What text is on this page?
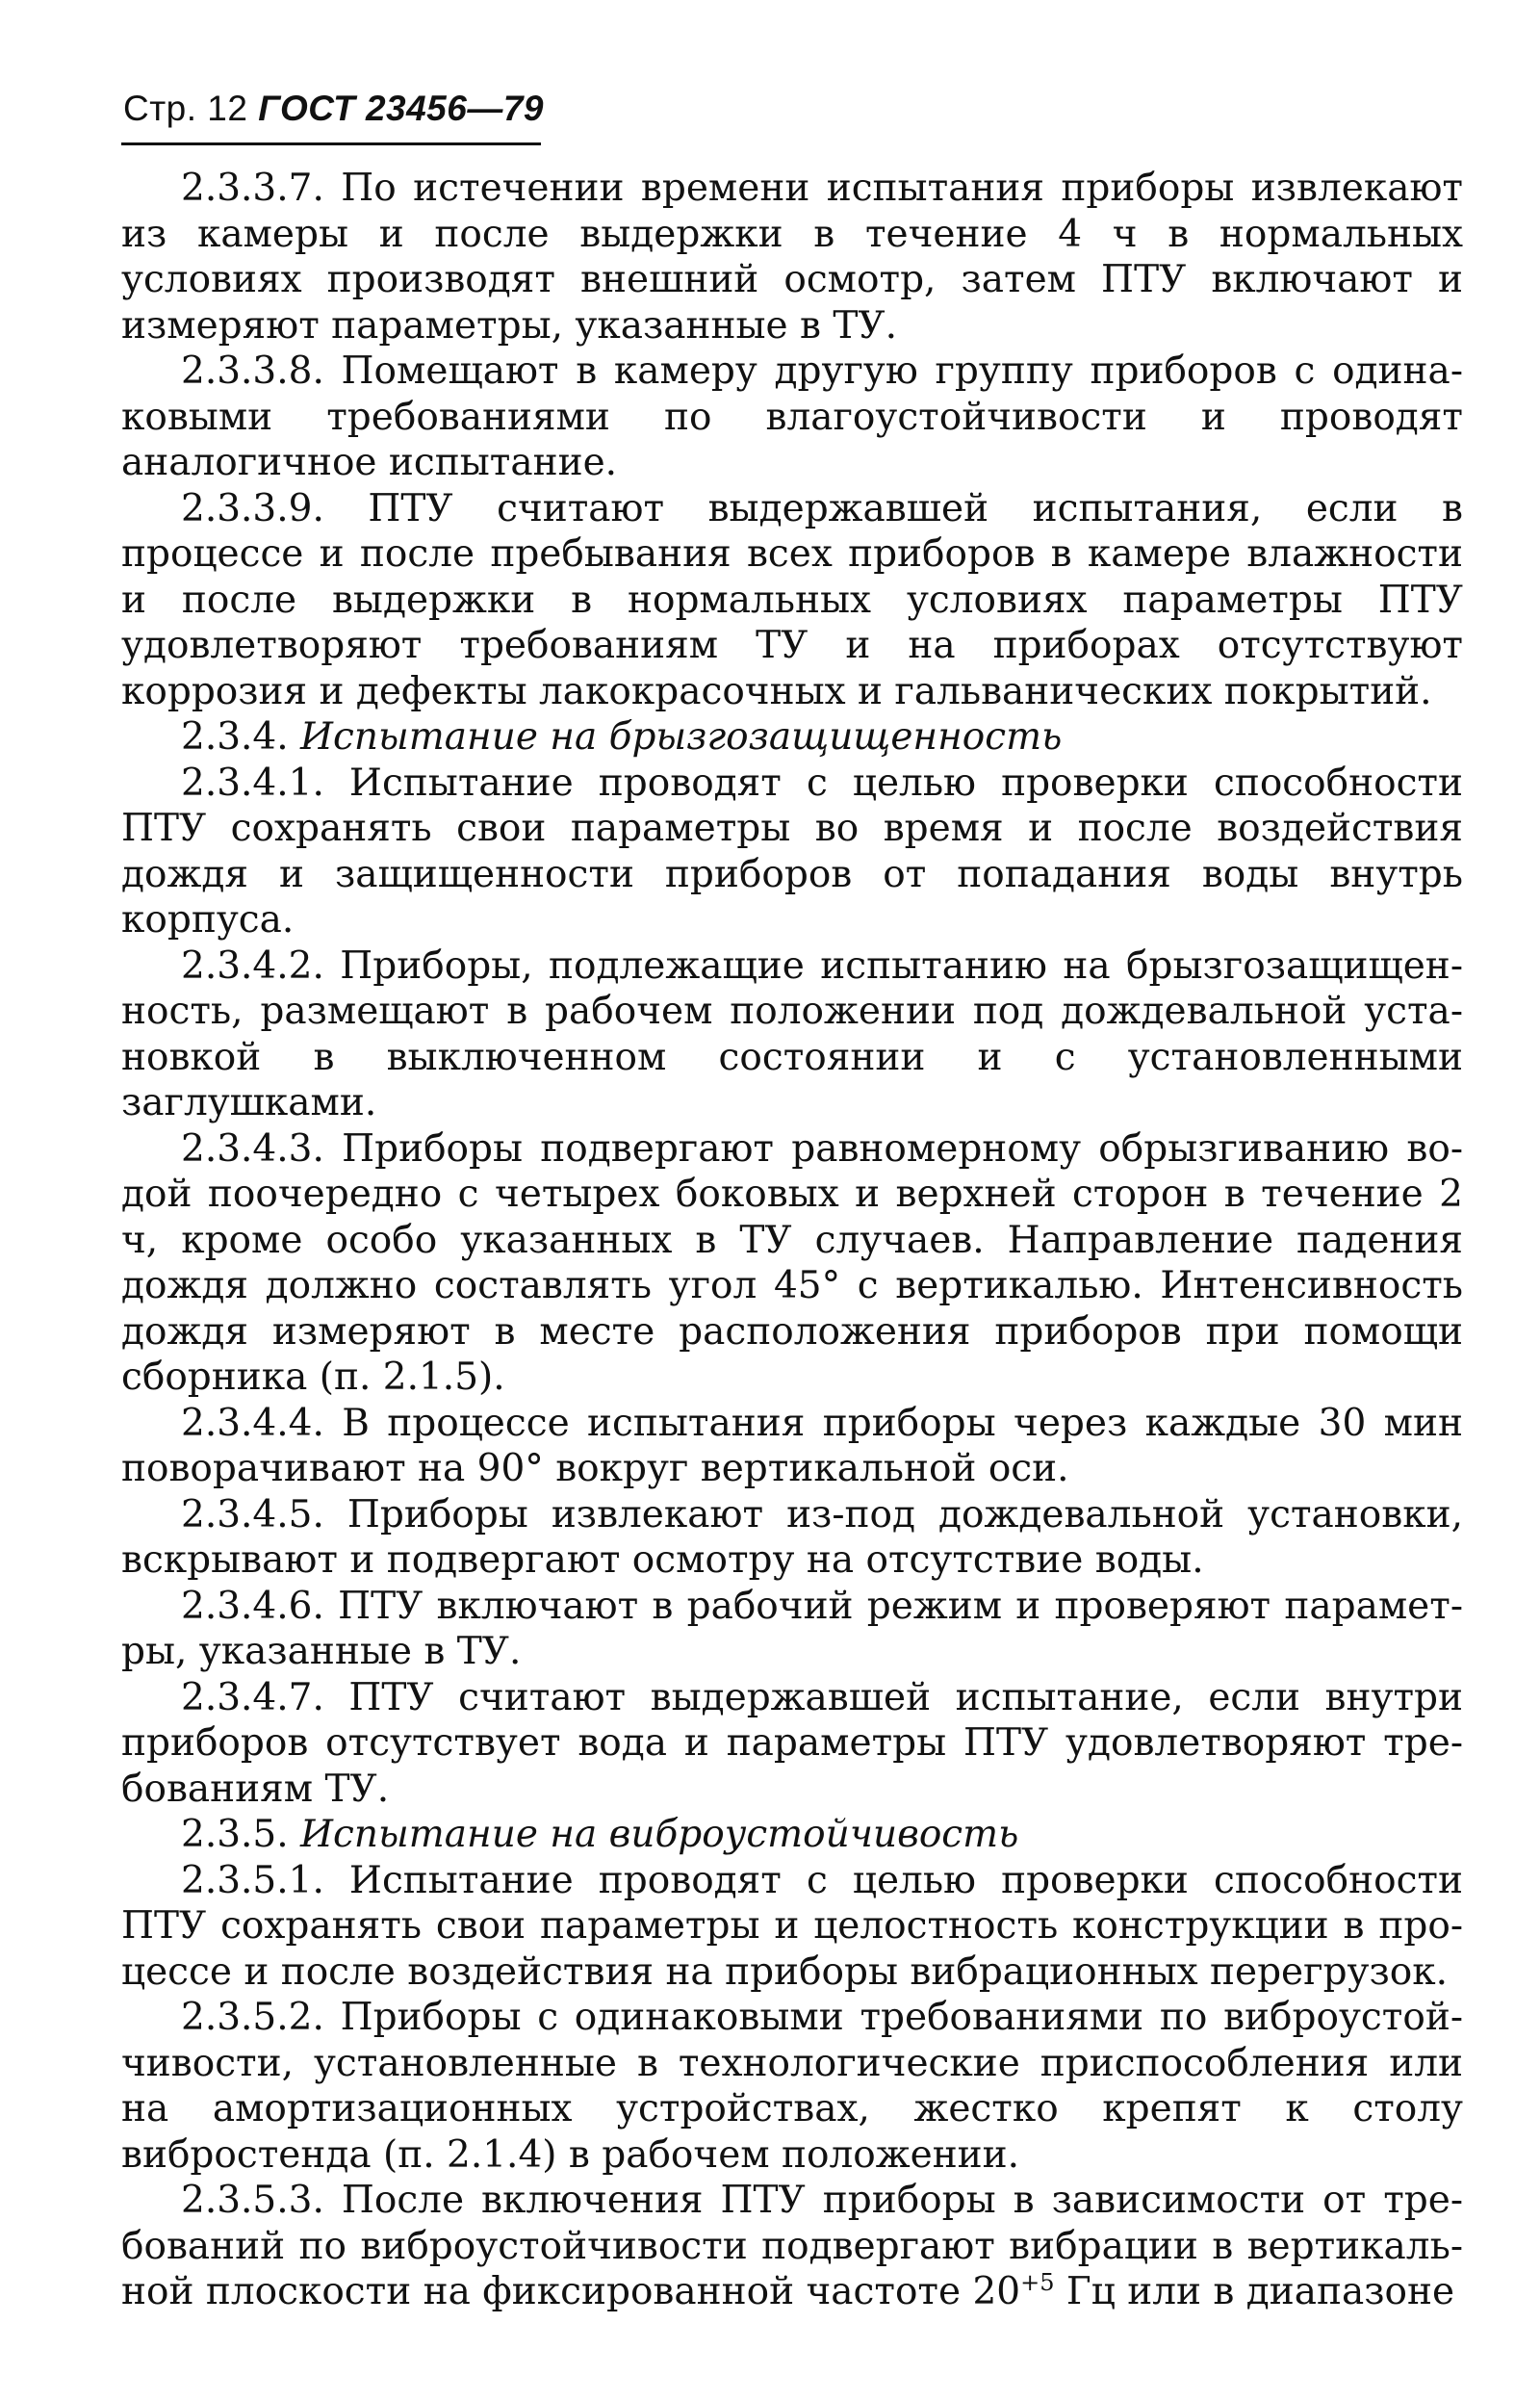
Стр. 12 ГОСТ 23456—79

2.3.3.7. По истечении времени испытания приборы извлекают из камеры и после выдержки в течение 4 ч в нормальных условиях производят внешний осмотр, затем ПТУ включают и измеряют параметры, указанные в ТУ.

2.3.3.8. Помещают в камеру другую группу приборов с одинаковыми требованиями по влагоустойчивости и проводят аналогичное испытание.

2.3.3.9. ПТУ считают выдержавшей испытания, если в процессе и после пребывания всех приборов в камере влажности и после выдержки в нормальных условиях параметры ПТУ удовлетворяют требованиям ТУ и на приборах отсутствуют коррозия и дефекты лакокрасочных и гальванических покрытий.

2.3.4. Испытание на брызгозащищенность

2.3.4.1. Испытание проводят с целью проверки способности ПТУ сохранять свои параметры во время и после воздействия дождя и защищенности приборов от попадания воды внутрь корпуса.

2.3.4.2. Приборы, подлежащие испытанию на брызгозащищенность, размещают в рабочем положении под дождевальной установкой в выключенном состоянии и с установленными заглушками.

2.3.4.3. Приборы подвергают равномерному обрызгиванию водой поочередно с четырех боковых и верхней сторон в течение 2 ч, кроме особо указанных в ТУ случаев. Направление падения дождя должно составлять угол 45° с вертикалью. Интенсивность дождя измеряют в месте расположения приборов при помощи сборника (п. 2.1.5).

2.3.4.4. В процессе испытания приборы через каждые 30 мин поворачивают на 90° вокруг вертикальной оси.

2.3.4.5. Приборы извлекают из-под дождевальной установки, вскрывают и подвергают осмотру на отсутствие воды.

2.3.4.6. ПТУ включают в рабочий режим и проверяют параметры, указанные в ТУ.

2.3.4.7. ПТУ считают выдержавшей испытание, если внутри приборов отсутствует вода и параметры ПТУ удовлетворяют требованиям ТУ.

2.3.5. Испытание на виброустойчивость

2.3.5.1. Испытание проводят с целью проверки способности ПТУ сохранять свои параметры и целостность конструкции в процессе и после воздействия на приборы вибрационных перегрузок.

2.3.5.2. Приборы с одинаковыми требованиями по виброустойчивости, установленные в технологические приспособления или на амортизационных устройствах, жестко крепят к столу вибростенда (п. 2.1.4) в рабочем положении.

2.3.5.3. После включения ПТУ приборы в зависимости от требований по виброустойчивости подвергают вибрации в вертикальной плоскости на фиксированной частоте $20^{+5}$ Гц или в диапазоне
